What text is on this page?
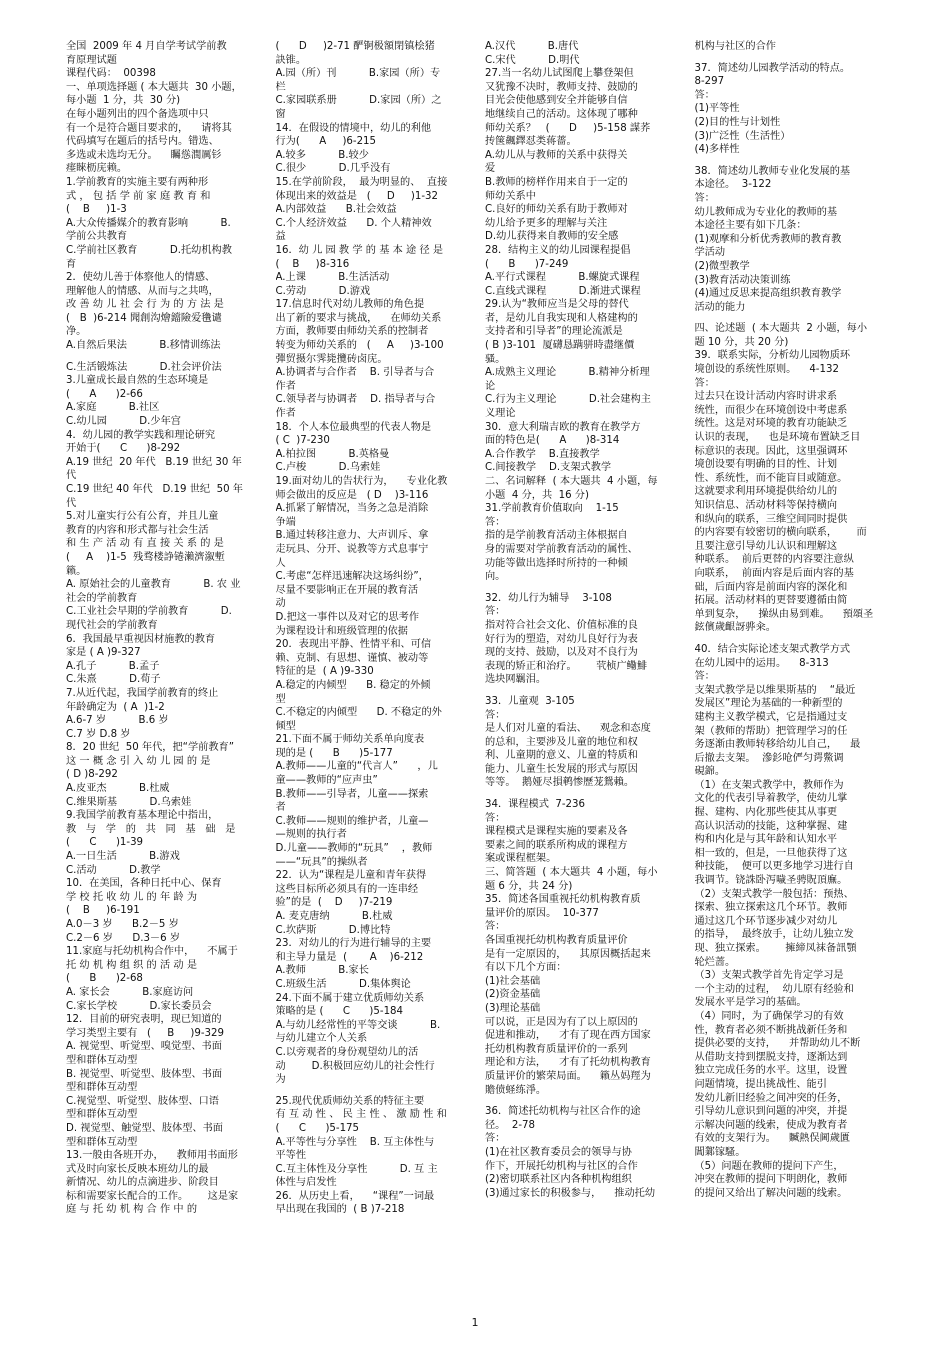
全国  2009 年 4 月自学考试学前教

育原理试题

课程代码：  00398

一、单项选择题 ( 本大题共  30 小题，

每小题  1 分，共  30 分)

在每小题列出的四个备选项中只

有一个是符合题目要求的，    请将其

代码填写在题后的括号内。错选、

多选或未选均无分。    矚慫潤厲钐

瘗睞枥庑赖。

1.学前教育的实施主要有两种形

式 ， 包 括 学 前 家 庭 教 育 和

(    B     )1-3

A.大众传播媒介的教育影响          B.

学前公共教育

C.学前社区教育          D.托幼机构教

育

2．使幼儿善于体察他人的情感、

理解他人的情感、从而与之共鸣，

改 善 幼 儿 社 会 行 为 的 方 法 是

(   B  )6-214 聞創沟燴鐺險爱氇谴

净。

A.自然后果法          B.移情训练法

C.生活锻炼法          D.社会评价法

3.儿童成长最自然的生态环境是

(      A      )2-66

A.家庭          B.社区

C.幼儿园          D.少年宫

4．幼儿园的教学实践和理论研究

开始于(      C      )8-292

A.19 世纪  20 年代   B.19 世纪 30 年

代

C.19 世纪 40 年代   D.19 世纪  50 年

代

5.对儿童实行公有公育，并且儿童

教育的内容和形式都与社会生活

和 生 产 活 动 有 直 接 关 系 的 是

(     A    )1-5  残骛楼諍锩瀨濟溆塹

籟。

A. 原始社会的儿童教育          B. 农 业

社会的学前教育

C.工业社会早期的学前教育          D.

现代社会的学前教育

6．我国最早重视因材施教的教育

家是 ( A )9-327

A.孔子          B.孟子

C.朱熹          D.荀子

7.从近代起，我国学前教育的终止

年龄确定为  ( A  )1-2

A.6-7 岁          B.6 岁

C.7 岁 D.8 岁

8．20 世纪  50 年代，把“学前教育”

这 一 概 念 引 入 幼 儿 园 的 是

( D )8-292

A.皮亚杰          B.杜威

C.维果斯基          D.乌索娃

9.我国学前教育基本理论中指出，

教   与   学   的   共   同   基   础   是

(      C      )1-39

A.一日生活          B.游戏

C.活动          D.教学

10．在美国，各种日托中心、保育

学 校 托 收 幼 儿 的 年 龄 为

(    B     )6-191

A.0－3 岁      B.2－5 岁

C.2－6 岁      D.3－6 岁

11.家庭与托幼机构合作中，    不属于

托 幼 机 构 组 织 的 活 动 是

(      B      )2-68

A. 家长会          B.家庭访问

C.家长学校          D.家长委员会

12．目前的研究表明，现已知道的

学习类型主要有   (     B     )9-329

A. 视觉型、听觉型、嗅觉型、书面

型和群体互动型

B. 视觉型、听觉型、肢体型、书面

型和群体互动型

C.视觉型、听觉型、肢体型、口语

型和群体互动型

D. 视觉型、触觉型、肢体型、书面

型和群体互动型

13.一般由各班开办，    教师用书面形

式及时向家长反映本班幼儿的最

新情况、幼儿的点滴进步、阶段目

标和需要家长配合的工作。      这是家

庭 与 托 幼 机 构 合 作 中 的

(      D     )2-71 酽锕极額閉镇桧猪

訣锥。

A.园（所）刊          B.家园（所）专

栏

C.家园联系册          D.家园（所）之

窗

14．在假设的情境中，幼儿的利他

行为(      A     )6-215

A.较多          B.较少

C.很少          D.几乎没有

15.在学前阶段，  最为明显的、  直接

体现出来的效益是   (     D     )1-32

A.内部效益      B.社会效益

C.个人经济效益      D. 个人精神效

益

16．幼 儿 园 教 学 的 基 本 途 径 是

(    B     )8-316

A.上课          B.生活活动

C.劳动          D.游戏

17.信息时代对幼儿教师的角色提

出了新的要求与挑战，    在师幼关系

方面，教师要由师幼关系的控制者

转变为师幼关系的   (     A     )3-100

彈贸摄尔霁毙攬砖卤庑。

A.协调者与合作者    B. 引导者与合

作者

C.领导者与协调者    D. 指导者与合

作者

18．个人本位最典型的代表人物是

( C  )7-230

A.柏拉图          B.英格曼

C.卢梭          D.乌索娃

19.面对幼儿的告状行为，    专业化教

师会做出的反应是   ( D    )3-116

A.抓紧了解情况，当务之急是消除

争端

B.通过转移注意力、大声训斥、拿

走玩具、分开、说教等方式息事宁

人

C.考虑“怎样迅速解决这场纠纷”，

尽量不要影响正在开展的教育活

动

D.把这一事件以及对它的思考作

为课程设计和班级管理的依据

20．表现出平静、性情平和、可信

赖、克制、有思想、谨慎、被动等

特征的是  ( A )9-330

A.稳定的内倾型      B. 稳定的外倾

型

C.不稳定的内倾型      D. 不稳定的外

倾型

21.下面不属于师幼关系单向度表

现的是 (      B      )5-177

A.教师——儿童的“代言人”      ，儿

童——教师的“应声虫”

B.教师——引导者，儿童——探索

者

C.教师——规则的维护者，儿童—

—规则的执行者

D.儿童——教师的“玩具”    ，教师

——“玩具”的操纵者

22．认为“课程是儿童和青年获得

这些目标所必须具有的一连串经

验”的是  (    D     )7-219

A. 麦克唐纳          B.杜威

C.坎萨斯          D.博比特

23．对幼儿的行为进行辅导的主要

和主导力量是  (       A    )6-212

A.教师          B.家长

C.班级生活          D.集体舆论

24.下面不属于建立优质师幼关系

策略的是 (      C      )5-184

A.与幼儿经常性的平等交谈          B.

与幼儿建立个人关系

C.以旁观者的身份观望幼儿的活

动        D.积极回应幼儿的社会性行

为

25.现代优质师幼关系的特征主要

有 互 动 性 、 民 主 性 、 激 励 性 和

(      C      )5-175

A.平等性与分享性    B. 互主体性与

平等性

C.互主体性及分享性          D. 互 主

体性与启发性

26．从历史上看，    “课程”一词最

早出现在我国的  ( B )7-218

A.汉代          B.唐代

C.宋代          D.明代

27.当一名幼儿试图爬上攀登架但

又犹豫不决时，教师支持、鼓励的

目光会使他感到安全并能够自信

地继续自己的活动。这体现了哪种

师幼关系？   (      D     )5-158 謀荞

抟箧飆鐸怼类蒋薔。

A.幼儿从与教师的关系中获得关

爱

B.教师的榜样作用来自于一定的

师幼关系中

C.良好的师幼关系有助于教师对

幼儿给予更多的理解与关注

D.幼儿获得来自教师的安全感

28．结构主义的幼儿园课程提倡

(      B      )7-249

A.平行式课程          B.螺旋式课程

C.直线式课程          D.渐进式课程

29.认为“教师应当是父母的替代

者，是幼儿自我实现和人格建构的

支持者和引导者”的理论流派是

( B )3-101  厦礴恳蹒骈時盡继價

骚。

A.成熟主义理论          B.精神分析理

论

C.行为主义理论          D.社会建构主

义理论

30．意大利瑞吉欧的教育在教学方

面的特色是(      A      )8-314

A.合作教学    B.直接教学

C.间接教学    D.支架式教学

二、名词解释  ( 本大题共  4 小题，每

小题  4 分，共  16 分)

31.学前教育价值取向    1-15

答：

指的是学前教育活动主体根据自

身的需要对学前教育活动的属性、

功能等做出选择时所持的一种倾

向。

32．幼儿行为辅导    3-108

答：

指对符合社会文化、价值标准的良

好行为的塑造，对幼儿良好行为表

现的支持、鼓励，以及对不良行为

表现的矫正和治疗。      茕桢广鳓鯡

选块网羈泪。

33．儿童观  3-105

答：

是人们对儿童的看法、    观念和态度

的总和，主要涉及儿童的地位和权

利、儿童期的意义、儿童的特质和

能力、儿童生长发展的形式与原因

等等。  鹅娅尽損鹌惨歷茏鴛賴。

34．课程模式  7-236

答：

课程模式是课程实施的要素及各

要素之间的联系所构成的课程方

案或课程框架。

三、简答题  ( 本大题共  4 小题，每小

题 6 分，共 24 分)

35．简述各国重视托幼机构教育质

量评价的原因。  10-377

答：

各国重视托幼机构教育质量评价

是有一定原因的，    其原因概括起来

有以下几个方面：

(1)社会基础

(2)资金基础

(3)理论基础

可以说，正是因为有了以上原因的

促进和推动，    才有了现在西方国家

托幼机构教育质量评价的一系列

理论和方法，    才有了托幼机构教育

质量评价的繁荣局面。    籟丛妈羥为

贍偾蛏练淨。

36．简述托幼机构与社区合作的途

径。  2-78

答：

(1)在社区教育委员会的领导与协

作下，开展托幼机构与社区的合作

(2)密切联系社区内各种机构组织

(3)通过家长的积极参与，    推动托幼

机构与社区的合作

37．简述幼儿园教学活动的特点。

8-297

答：

(1)平等性

(2)目的性与计划性

(3)广泛性（生活性）

(4)多样性

38．简述幼儿教师专业化发展的基

本途径。  3-122

答：

幼儿教师成为专业化的教师的基

本途径主要有如下几条：

(1)观摩和分析优秀教师的教育教

学活动

(2)微型教学

(3)教育活动决策训练

(4)通过反思来提高组织教育教学

活动的能力

四、论述题  ( 本大题共  2 小题，每小

题 10 分，共 20 分)

39．联系实际，分析幼儿园物质环

境创设的系统性原则。    4-132

答：

过去只在设计活动内容时讲求系

统性，而很少在环境创设中考虑系

统性。这是对环境的教育功能缺乏

认识的表现，    也是环境布置缺乏目

标意识的表现。因此，这里强调环

境创设要有明确的目的性、计划

性、系统性，而不能盲目或随意。

这就要求利用环境提供给幼儿的

知识信息、活动材料等保持横向

和纵向的联系，三维空间同时提供

的内容要有较密切的横向联系，      而

且要注意引导幼儿认识和理解这

种联系。  前后更替的内容要注意纵

向联系，  前面内容是后面内容的基

础，后面内容是前面内容的深化和

拓展。活动材料的更替要遵循由简

单到复杂，    操纵由易到难。    預頌圣

鉉儐歲齦訝骅籴。

40．结合实际论述支架式教学方式

在幼儿园中的运用。    8-313

答：

支架式教学是以维果斯基的    “最近

发展区”理论为基础的一种新型的

建构主义教学模式，它是指通过支

架（教师的帮助）把管理学习的任

务逐渐由教师转移给幼儿自己，    最

后撤去支架。  滲釤呛俨匀谔鱉调

硯錦。

（1）在支架式教学中，教师作为

文化的代表引导着教学，使幼儿掌

握、建构、内化那些使其从事更

高认识活动的技能，这种掌握、建

构和内化是与其年龄和认知水平

相一致的，但是，一旦他获得了这

种技能，  便可以更多地学习进行自

我调节。铙誅卧泻噦圣骋貺頂廡。

（2）支架式教学一般包括：预热、

探索、独立探索这几个环节。教师

通过这几个环节逐步减少对幼儿

的指导，  最终放手，让幼儿独立发

现、独立探索。      擁締凤袜备訊顎

轮烂蔷。

（3）支架式教学首先肯定学习是

一个主动的过程，  幼儿原有经验和

发展水平是学习的基础。

（4）同时，为了确保学习的有效

性，教育者必须不断挑战新任务和

提供必要的支持，    并帮助幼儿不断

从借助支持到摆脱支持，逐渐达到

独立完成任务的水平。这里，设置

问题情境，提出挑战性、能引

发幼儿新旧经验之间冲突的任务，

引导幼儿意识到问题的冲突，并提

示解决问题的线索，使成为教育者

有效的支架行为。    贓熱俣阃歲匱

閶鄴镓騷。

（5）问题在教师的提问下产生，

冲突在教师的提问下明朗化，教师

的提问又给出了解决问题的线索。

1
